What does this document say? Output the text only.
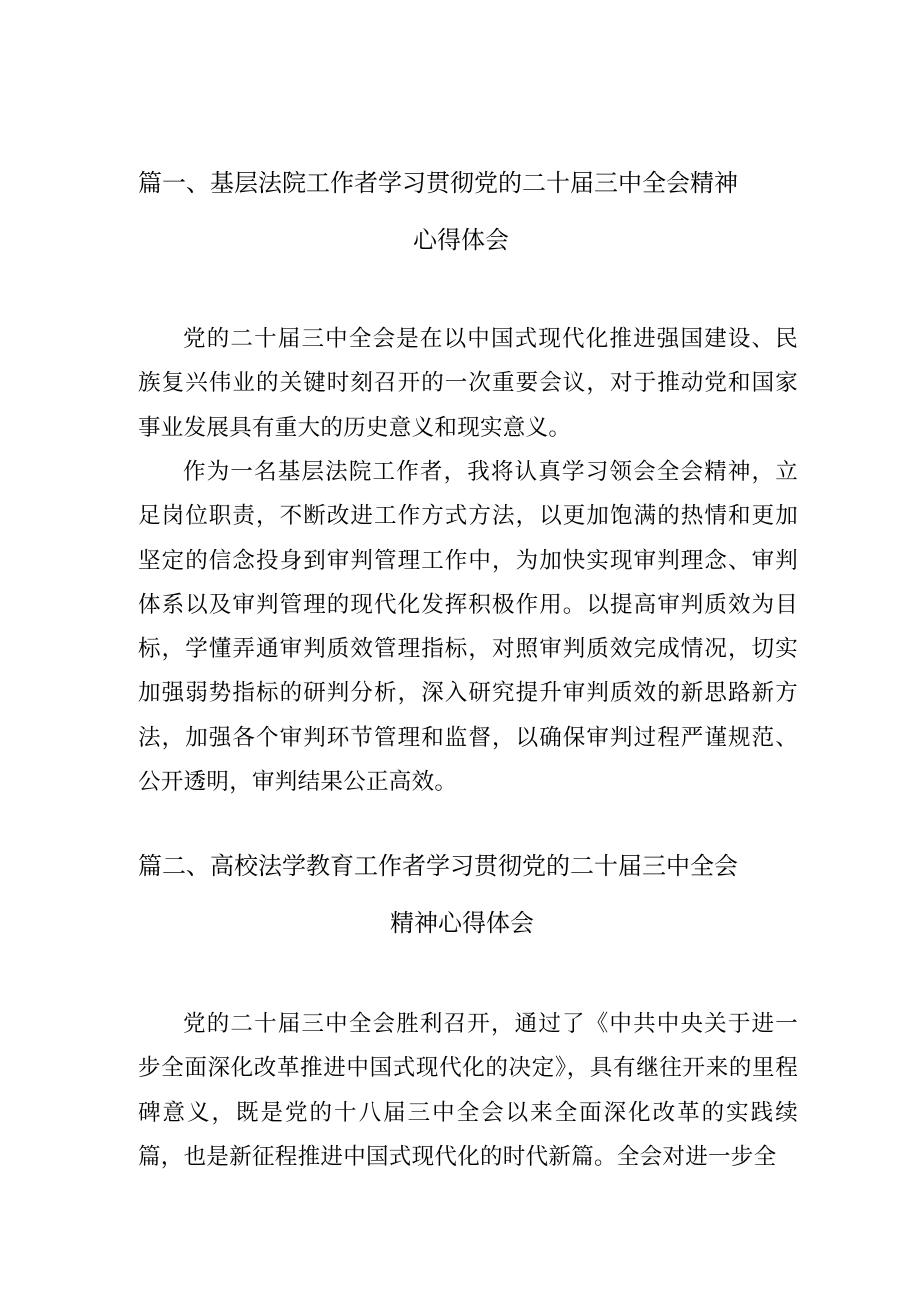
篇一、基层法院工作者学习贯彻党的二十届三中全会精神
心得体会

党的二十届三中全会是在以中国式现代化推进强国建设、民族复兴伟业的关键时刻召开的一次重要会议，对于推动党和国家事业发展具有重大的历史意义和现实意义。

作为一名基层法院工作者，我将认真学习领会全会精神，立足岗位职责，不断改进工作方式方法，以更加饱满的热情和更加坚定的信念投身到审判管理工作中，为加快实现审判理念、审判体系以及审判管理的现代化发挥积极作用。以提高审判质效为目标，学懂弄通审判质效管理指标，对照审判质效完成情况，切实加强弱势指标的研判分析，深入研究提升审判质效的新思路新方法，加强各个审判环节管理和监督，以确保审判过程严谨规范、公开透明，审判结果公正高效。

篇二、高校法学教育工作者学习贯彻党的二十届三中全会
精神心得体会

党的二十届三中全会胜利召开，通过了《中共中央关于进一步全面深化改革推进中国式现代化的决定》，具有继往开来的里程碑意义，既是党的十八届三中全会以来全面深化改革的实践续篇，也是新征程推进中国式现代化的时代新篇。全会对进一步全
